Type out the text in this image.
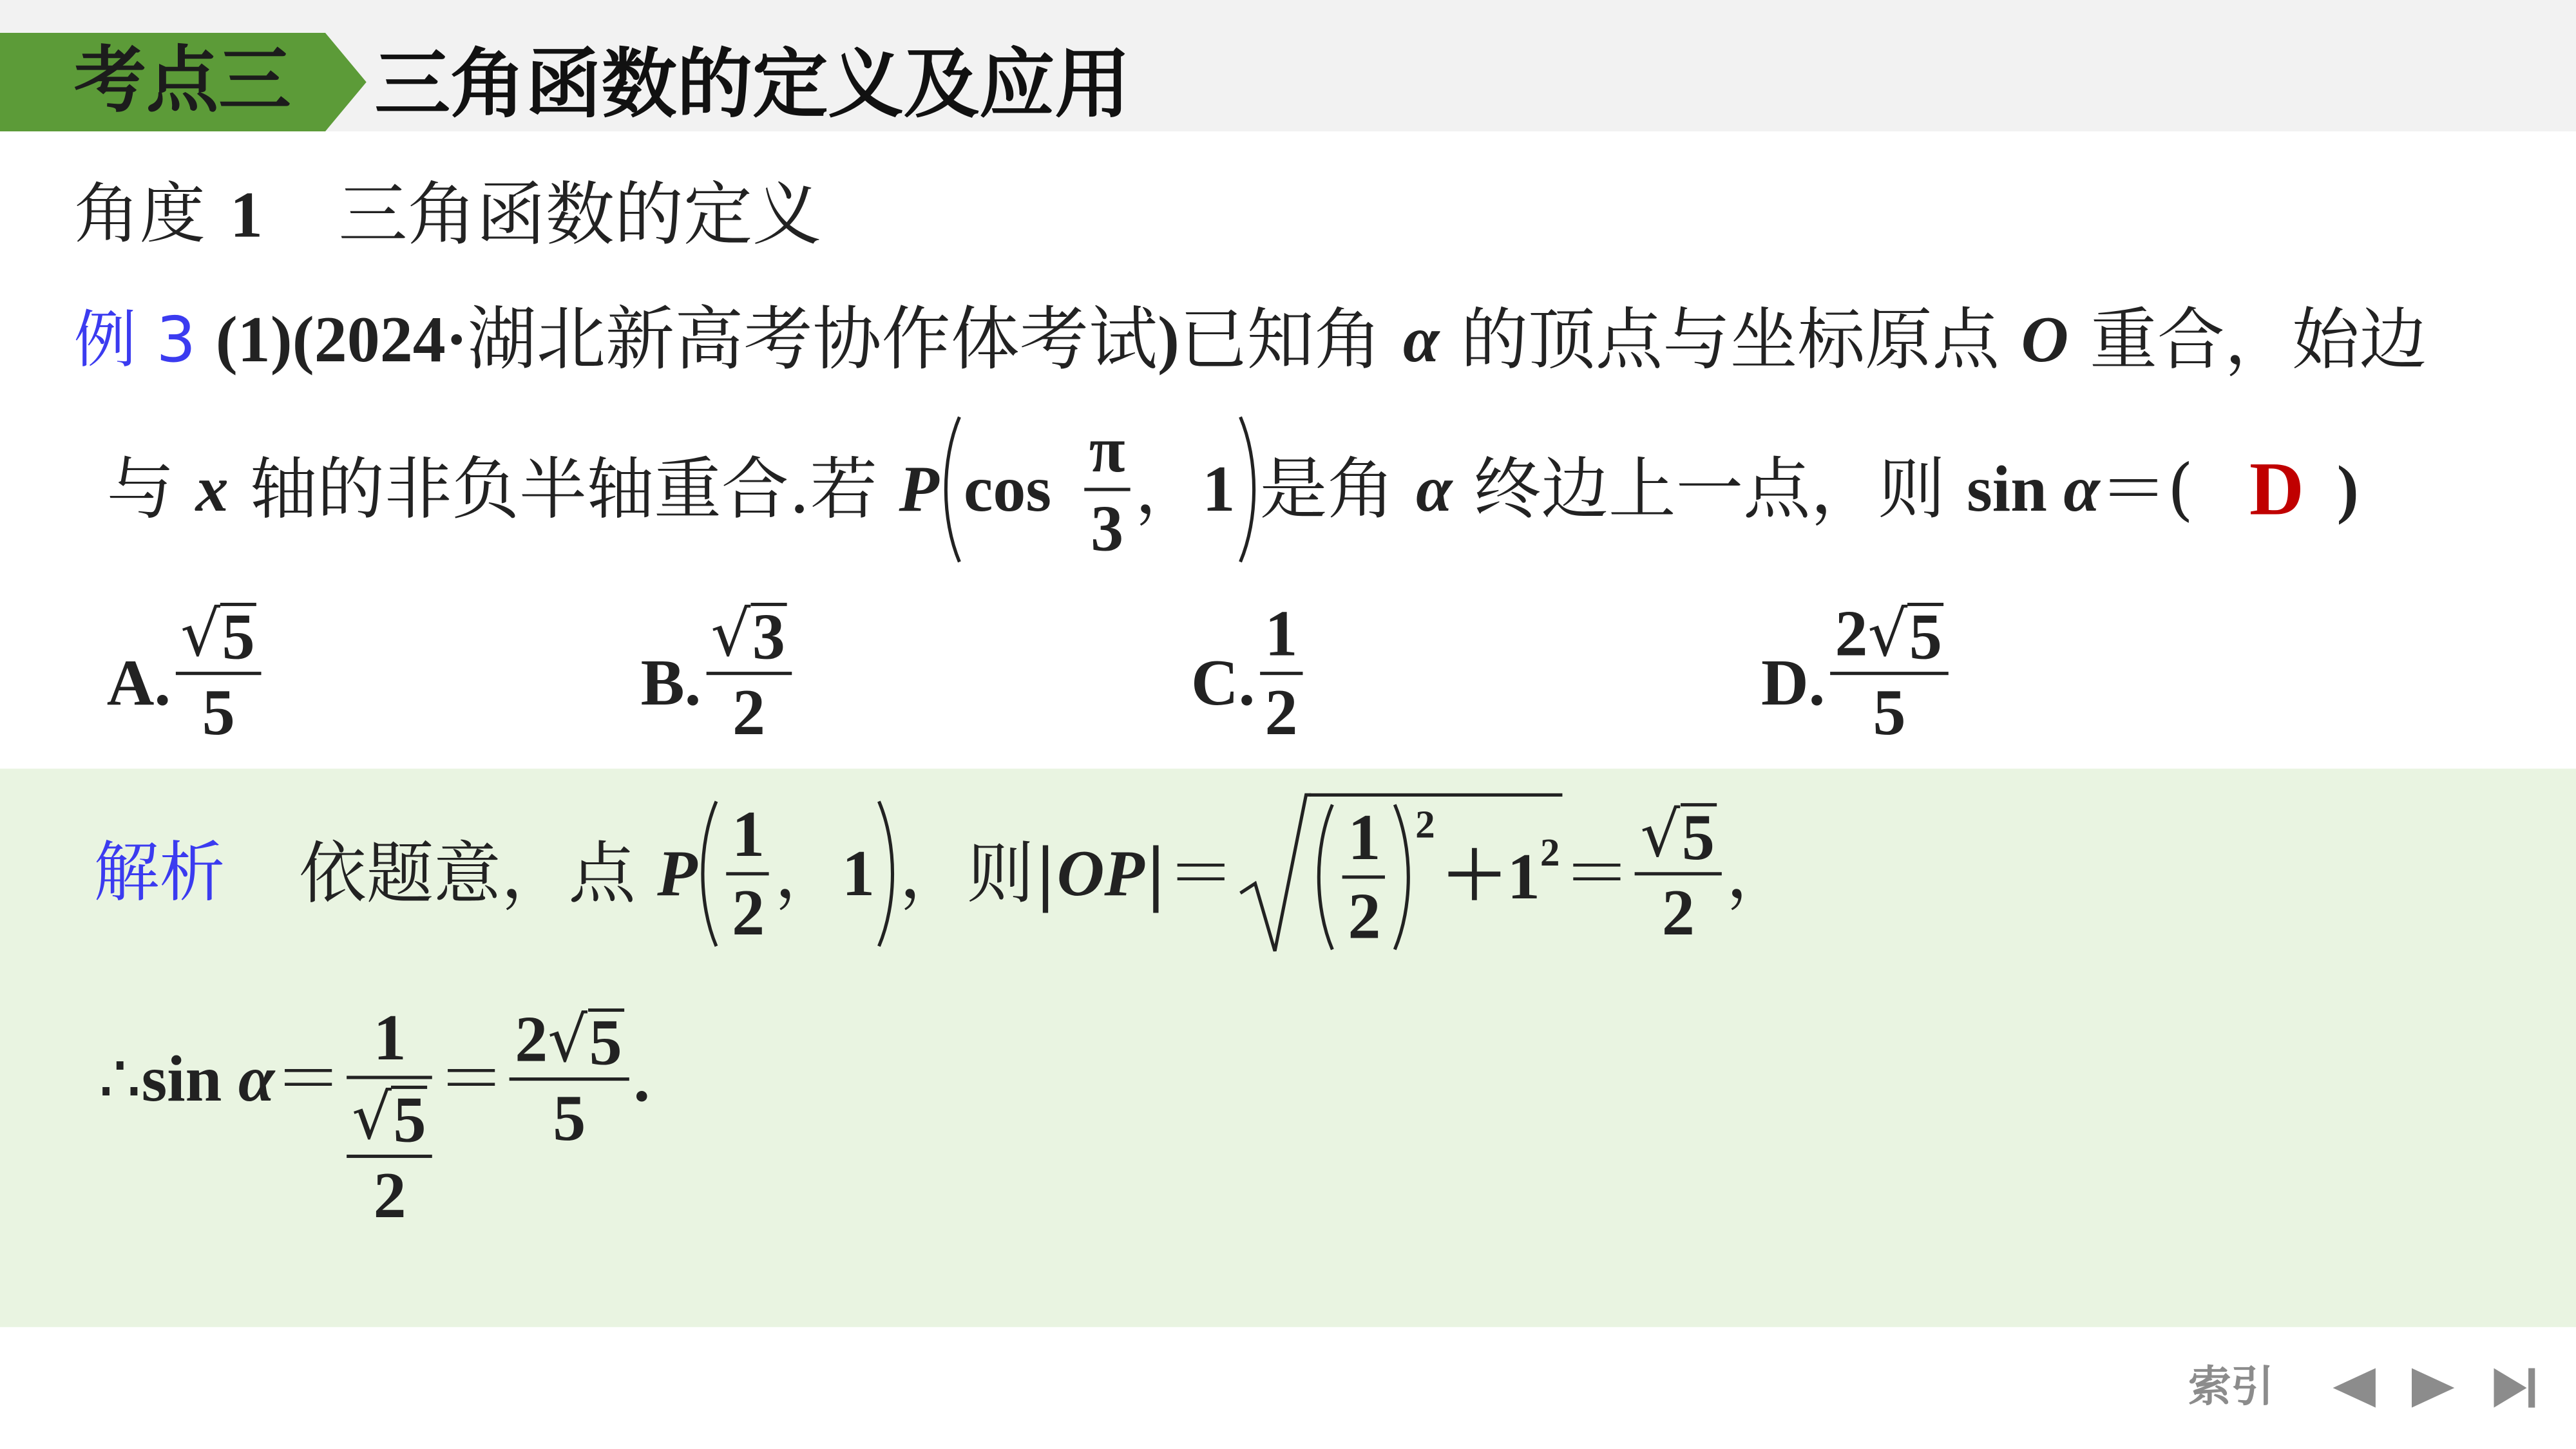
考点三	三角函数的定义及应用
角度 1	三角函数的定义
例 3 (1)(2024· 湖北新高考协作体考试 ) 已知角 α 的顶点与坐标原点 O 重合，始边
与 x 轴的非负半轴重合.若 P $\cos \frac{\pi}{3}$ ， 1 是角 α 终边上一点，则 sin α ＝( D )
A. $\frac{√ 5}{5}$	B. $\frac{√ 3}{2}$	C. $\frac{1}{2}$	D. $\frac{2 √ 5}{5}$
解析	依题意，点 P $\frac{1}{2}$ ， 1 ，则| OP |＝	$\frac{1}{2} 2$
＋1 $2 = \frac{√ 5}{2}$ ，
∴ $\sin \alpha = \frac{1}{\frac{√ 5}{2}} = \frac{2 √ 5}{5}$ .
索引
